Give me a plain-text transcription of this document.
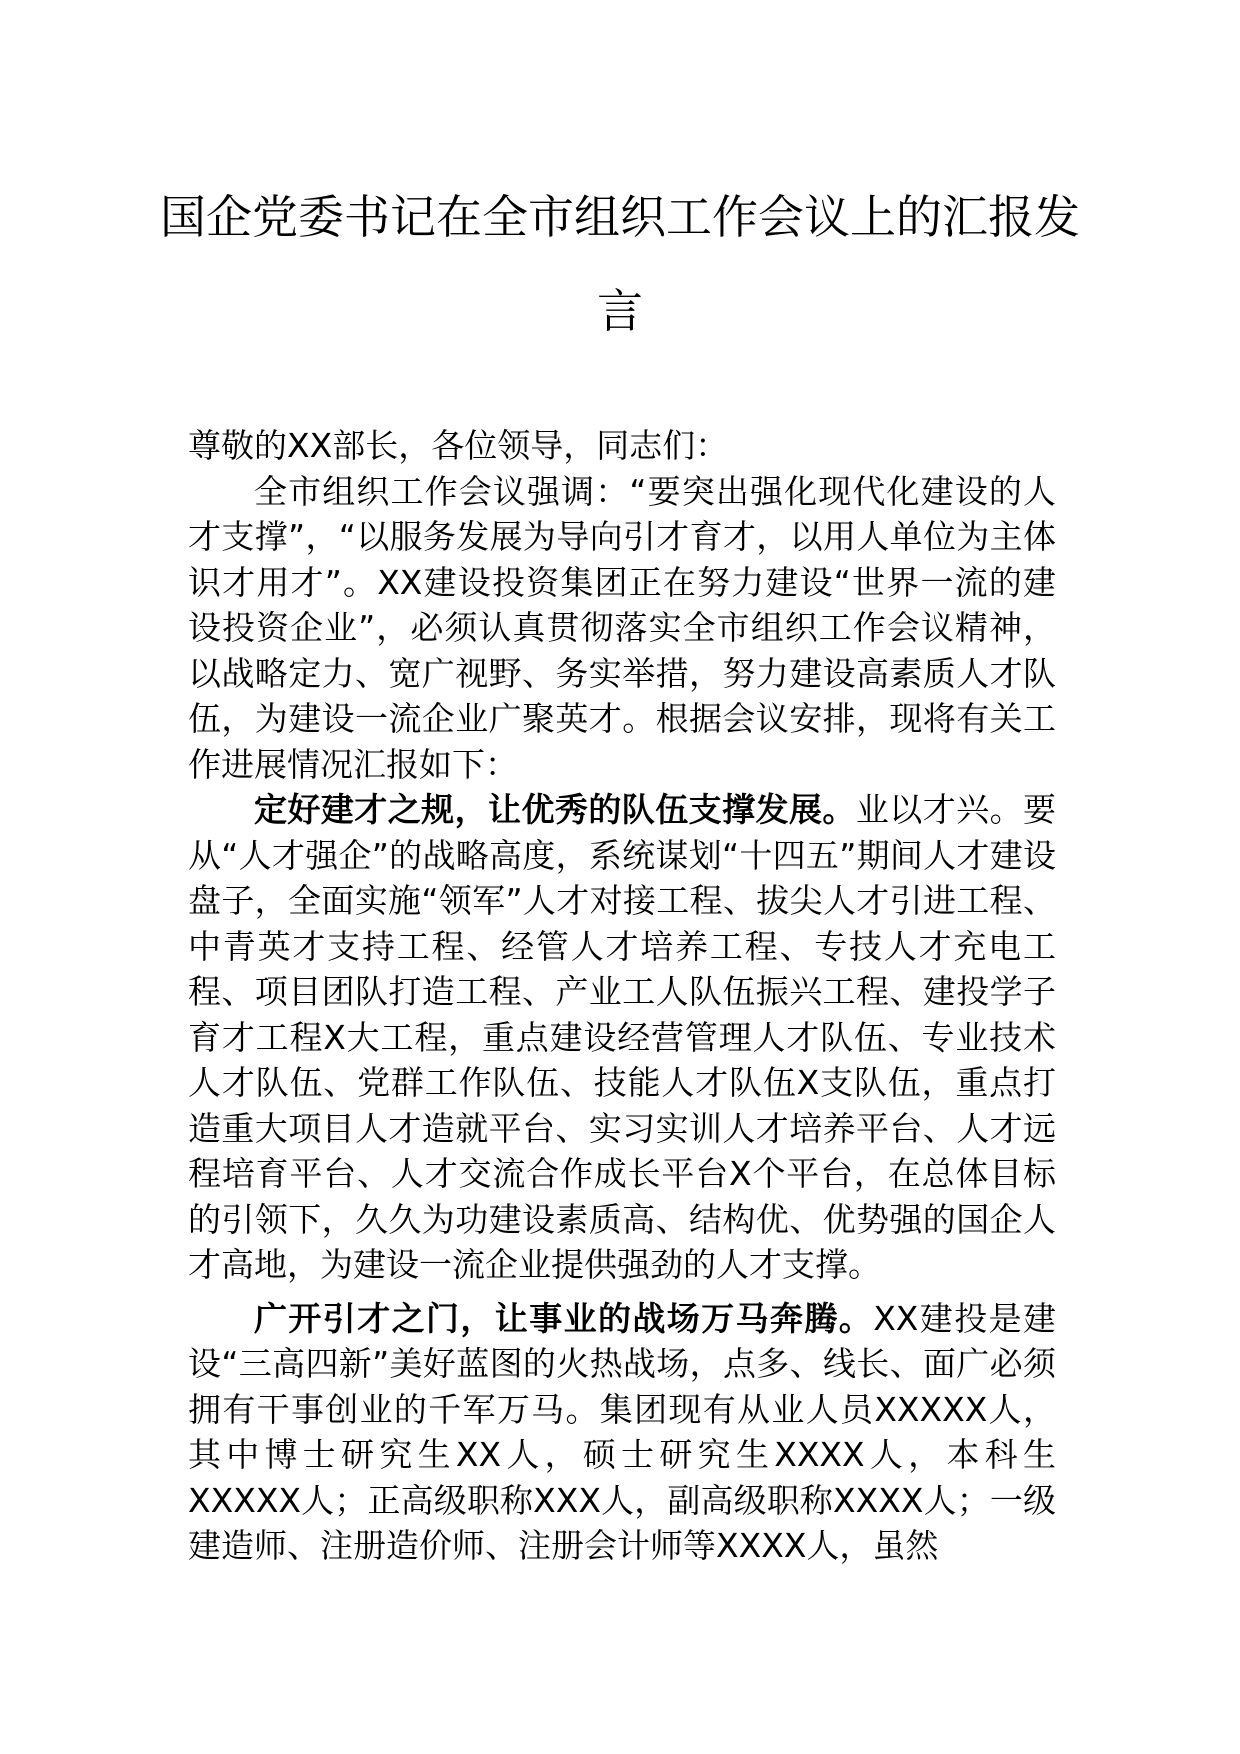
国企党委书记在全市组织工作会议上的汇报发言

尊敬的XX部长，各位领导，同志们：

全市组织工作会议强调：“要突出强化现代化建设的人才支撑”，“以服务发展为导向引才育才，以用人单位为主体识才用才”。XX建设投资集团正在努力建设“世界一流的建设投资企业”，必须认真贯彻落实全市组织工作会议精神，以战略定力、宽广视野、务实举措，努力建设高素质人才队伍，为建设一流企业广聚英才。根据会议安排，现将有关工作进展情况汇报如下：

定好建才之规，让优秀的队伍支撑发展。业以才兴。要从“人才强企”的战略高度，系统谋划“十四五”期间人才建设盘子，全面实施“领军”人才对接工程、拔尖人才引进工程、中青英才支持工程、经管人才培养工程、专技人才充电工程、项目团队打造工程、产业工人队伍振兴工程、建投学子育才工程X大工程，重点建设经营管理人才队伍、专业技术人才队伍、党群工作队伍、技能人才队伍X支队伍，重点打造重大项目人才造就平台、实习实训人才培养平台、人才远程培育平台、人才交流合作成长平台X个平台，在总体目标的引领下，久久为功建设素质高、结构优、优势强的国企人才高地，为建设一流企业提供强劲的人才支撑。

广开引才之门，让事业的战场万马奔腾。XX建投是建设“三高四新”美好蓝图的火热战场，点多、线长、面广必须拥有干事创业的千军万马。集团现有从业人员XXXXX人，其中博士研究生XX人，硕士研究生XXXX人，本科生XXXXX人；正高级职称XXX人，副高级职称XXXX人；一级建造师、注册造价师、注册会计师等XXXX人，虽然
